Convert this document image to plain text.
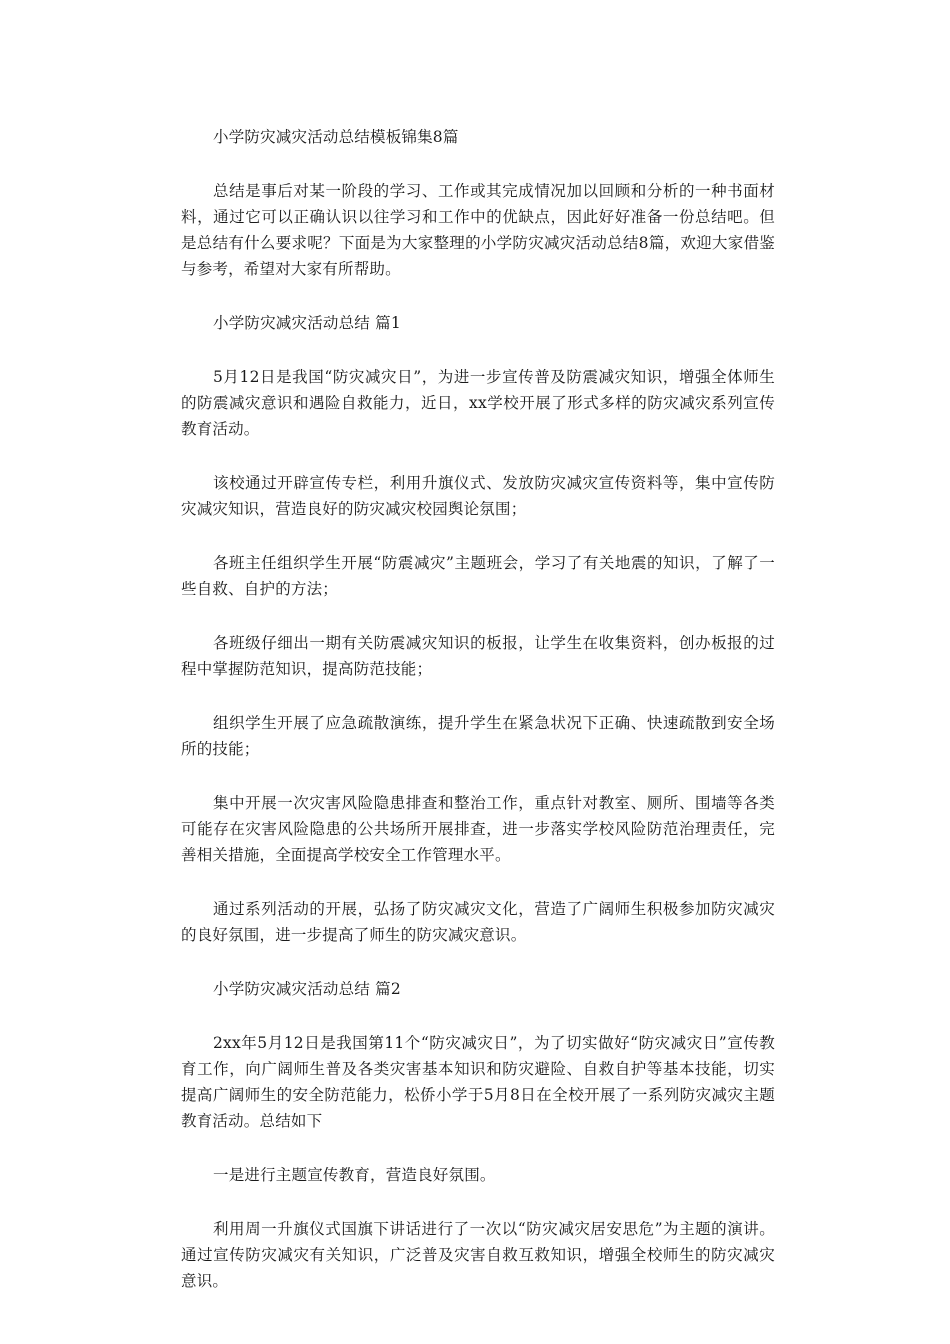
小学防灾减灾活动总结模板锦集8篇

总结是事后对某一阶段的学习、工作或其完成情况加以回顾和分析的一种书面材料，通过它可以正确认识以往学习和工作中的优缺点，因此好好准备一份总结吧。但是总结有什么要求呢？下面是为大家整理的小学防灾减灾活动总结8篇，欢迎大家借鉴与参考，希望对大家有所帮助。

小学防灾减灾活动总结 篇1

5月12日是我国“防灾减灾日”，为进一步宣传普及防震减灾知识，增强全体师生的防震减灾意识和遇险自救能力，近日，xx学校开展了形式多样的防灾减灾系列宣传教育活动。

该校通过开辟宣传专栏，利用升旗仪式、发放防灾减灾宣传资料等，集中宣传防灾减灾知识，营造良好的防灾减灾校园舆论氛围；

各班主任组织学生开展“防震减灾”主题班会，学习了有关地震的知识，了解了一些自救、自护的方法；

各班级仔细出一期有关防震减灾知识的板报，让学生在收集资料，创办板报的过程中掌握防范知识，提高防范技能；

组织学生开展了应急疏散演练，提升学生在紧急状况下正确、快速疏散到安全场所的技能；

集中开展一次灾害风险隐患排查和整治工作，重点针对教室、厕所、围墙等各类可能存在灾害风险隐患的公共场所开展排查，进一步落实学校风险防范治理责任，完善相关措施，全面提高学校安全工作管理水平。

通过系列活动的开展，弘扬了防灾减灾文化，营造了广阔师生积极参加防灾减灾的良好氛围，进一步提高了师生的防灾减灾意识。

小学防灾减灾活动总结 篇2

2xx年5月12日是我国第11个“防灾减灾日”，为了切实做好“防灾减灾日”宣传教育工作，向广阔师生普及各类灾害基本知识和防灾避险、自救自护等基本技能，切实提高广阔师生的安全防范能力，松侨小学于5月8日在全校开展了一系列防灾减灾主题教育活动。总结如下

一是进行主题宣传教育，营造良好氛围。

利用周一升旗仪式国旗下讲话进行了一次以“防灾减灾居安思危”为主题的演讲。通过宣传防灾减灾有关知识，广泛普及灾害自救互救知识，增强全校师生的防灾减灾意识。
